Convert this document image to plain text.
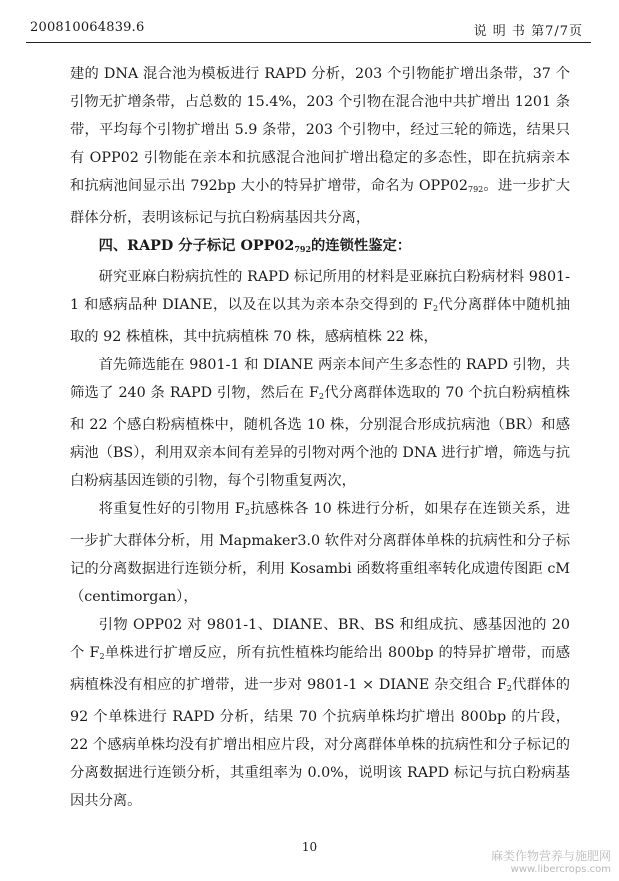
200810064839.6	说 明 书 第7/7页

建的 DNA 混合池为模板进行 RAPD 分析，203 个引物能扩增出条带，37 个引物无扩增条带，占总数的 15.4%，203 个引物在混合池中共扩增出 1201 条带，平均每个引物扩增出 5.9 条带，203 个引物中，经过三轮的筛选，结果只有 OPP02 引物能在亲本和抗感混合池间扩增出稳定的多态性，即在抗病亲本和抗病池间显示出 792bp 大小的特异扩增带，命名为 $OPP02_{792}$。进一步扩大群体分析，表明该标记与抗白粉病基因共分离，

四、RAPD 分子标记 $OPP02_{792}$的连锁性鉴定：

研究亚麻白粉病抗性的 RAPD 标记所用的材料是亚麻抗白粉病材料 9801-1 和感病品种 DIANE，以及在以其为亲本杂交得到的 $F_2$代分离群体中随机抽取的 92 株植株，其中抗病植株 70 株，感病植株 22 株，

首先筛选能在 9801-1 和 DIANE 两亲本间产生多态性的 RAPD 引物，共筛选了 240 条 RAPD 引物，然后在 $F_2$代分离群体选取的 70 个抗白粉病植株和 22 个感白粉病植株中，随机各选 10 株，分别混合形成抗病池（BR）和感病池（BS），利用双亲本间有差异的引物对两个池的 DNA 进行扩增，筛选与抗白粉病基因连锁的引物，每个引物重复两次，

将重复性好的引物用 $F_2$抗感株各 10 株进行分析，如果存在连锁关系，进一步扩大群体分析，用 Mapmaker3.0 软件对分离群体单株的抗病性和分子标记的分离数据进行连锁分析，利用 Kosambi 函数将重组率转化成遗传图距 cM（centimorgan），

引物 OPP02 对 9801-1、DIANE、BR、BS 和组成抗、感基因池的 20 个 $F_2$单株进行扩增反应，所有抗性植株均能给出 800bp 的特异扩增带，而感病植株没有相应的扩增带，进一步对 9801-1 × DIANE 杂交组合 $F_2$代群体的 92 个单株进行 RAPD 分析，结果 70 个抗病单株均扩增出 800bp 的片段，22 个感病单株均没有扩增出相应片段，对分离群体单株的抗病性和分子标记的分离数据进行连锁分析，其重组率为 0.0%，说明该 RAPD 标记与抗白粉病基因共分离。

10
麻类作物营养与施肥网
www.libercrops.com
